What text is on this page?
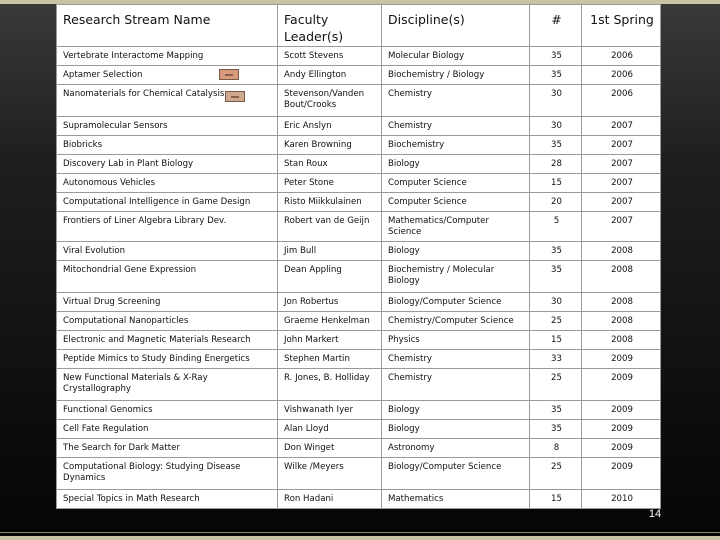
Research Stream Name	Faculty Leader(s)	Discipline(s)	#	1st Spring
Vertebrate Interactome Mapping	Scott Stevens	Molecular Biology	35	2006
Aptamer Selection	Andy Ellington	Biochemistry / Biology	35	2006
Nanomaterials for Chemical Catalysis	Stevenson/Vanden Bout/Crooks	Chemistry	30	2006
Supramolecular Sensors	Eric Anslyn	Chemistry	30	2007
Biobricks	Karen Browning	Biochemistry	35	2007
Discovery Lab in Plant Biology	Stan Roux	Biology	28	2007
Autonomous Vehicles	Peter Stone	Computer Science	15	2007
Computational Intelligence in Game Design	Risto Miikkulainen	Computer Science	20	2007
Frontiers of Liner Algebra Library Dev.	Robert van de Geijn	Mathematics/Computer Science	5	2007
Viral Evolution	Jim Bull	Biology	35	2008
Mitochondrial Gene Expression	Dean Appling	Biochemistry / Molecular Biology	35	2008
Virtual Drug Screening	Jon Robertus	Biology/Computer Science	30	2008
Computational Nanoparticles	Graeme Henkelman	Chemistry/Computer Science	25	2008
Electronic and Magnetic Materials Research	John Markert	Physics	15	2008
Peptide Mimics to Study Binding Energetics	Stephen Martin	Chemistry	33	2009
New Functional Materials & X-Ray Crystallography	R. Jones, B. Holliday	Chemistry	25	2009
Functional Genomics	Vishwanath Iyer	Biology	35	2009
Cell Fate Regulation	Alan Lloyd	Biology	35	2009
The Search for Dark Matter	Don Winget	Astronomy	8	2009
Computational Biology: Studying Disease Dynamics	Wilke /Meyers	Biology/Computer Science	25	2009
Special Topics in Math Research	Ron Hadani	Mathematics	15	2010
14
